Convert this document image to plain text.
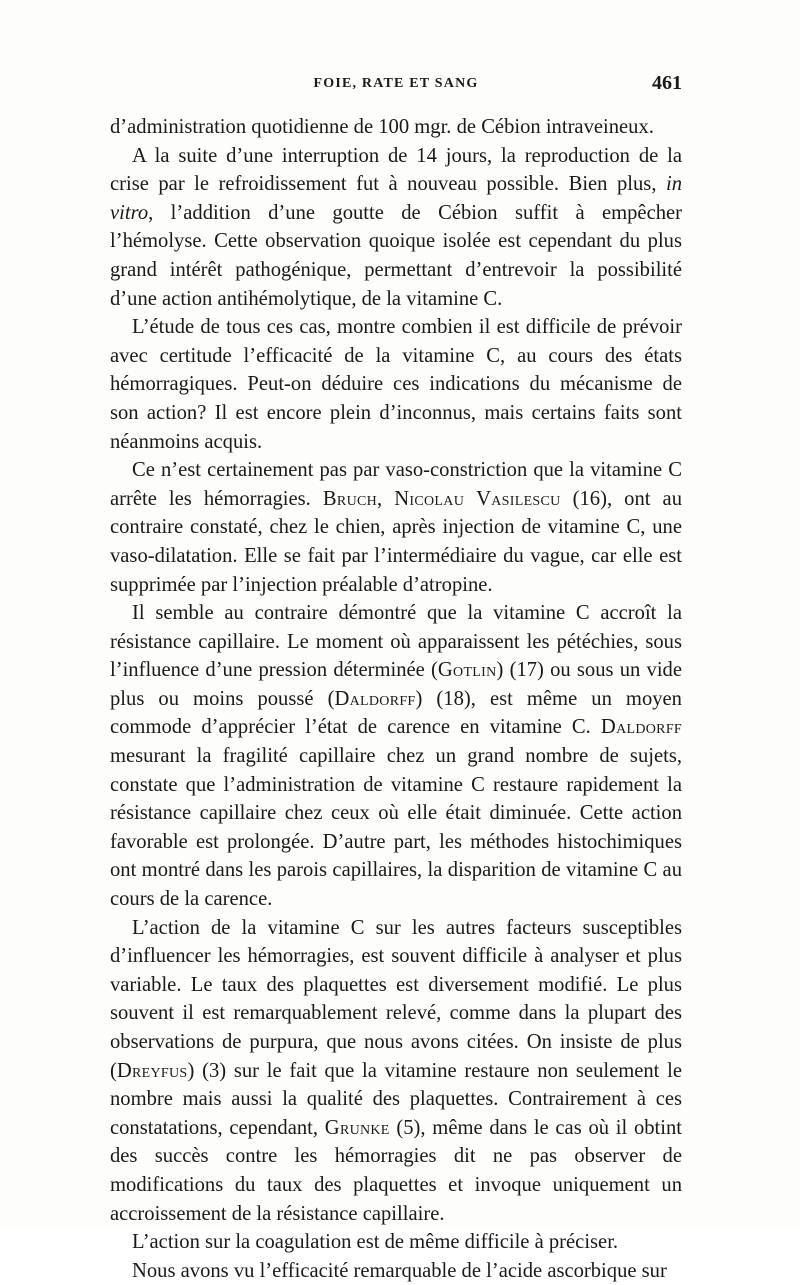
FOIE, RATE ET SANG	461

d’administration quotidienne de 100 mgr. de Cébion intraveineux.

A la suite d’une interruption de 14 jours, la reproduction de la crise par le refroidissement fut à nouveau possible. Bien plus, in vitro, l’addition d’une goutte de Cébion suffit à empêcher l’hémolyse. Cette observation quoique isolée est cependant du plus grand intérêt pathogénique, permettant d’entrevoir la possibilité d’une action antihémolytique, de la vitamine C.

L’étude de tous ces cas, montre combien il est difficile de prévoir avec certitude l’efficacité de la vitamine C, au cours des états hémorragiques. Peut-on déduire ces indications du mécanisme de son action? Il est encore plein d’inconnus, mais certains faits sont néanmoins acquis.

Ce n’est certainement pas par vaso-constriction que la vitamine C arrête les hémorragies. Bruch, Nicolau Vasilescu (16), ont au contraire constaté, chez le chien, après injection de vitamine C, une vaso-dilatation. Elle se fait par l’intermédiaire du vague, car elle est supprimée par l’injection préalable d’atropine.

Il semble au contraire démontré que la vitamine C accroît la résistance capillaire. Le moment où apparaissent les pétéchies, sous l’influence d’une pression déterminée (Gotlin) (17) ou sous un vide plus ou moins poussé (Daldorff) (18), est même un moyen commode d’apprécier l’état de carence en vitamine C. Daldorff mesurant la fragilité capillaire chez un grand nombre de sujets, constate que l’administration de vitamine C restaure rapidement la résistance capillaire chez ceux où elle était diminuée. Cette action favorable est prolongée. D’autre part, les méthodes histochimiques ont montré dans les parois capillaires, la disparition de vitamine C au cours de la carence.

L’action de la vitamine C sur les autres facteurs susceptibles d’influencer les hémorragies, est souvent difficile à analyser et plus variable. Le taux des plaquettes est diversement modifié. Le plus souvent il est remarquablement relevé, comme dans la plupart des observations de purpura, que nous avons citées. On insiste de plus (Dreyfus) (3) sur le fait que la vitamine restaure non seulement le nombre mais aussi la qualité des plaquettes. Contrairement à ces constatations, cependant, Grunke (5), même dans le cas où il obtint des succès contre les hémorragies dit ne pas observer de modifications du taux des plaquettes et invoque uniquement un accroissement de la résistance capillaire.

L’action sur la coagulation est de même difficile à préciser.

Nous avons vu l’efficacité remarquable de l’acide ascorbique sur
